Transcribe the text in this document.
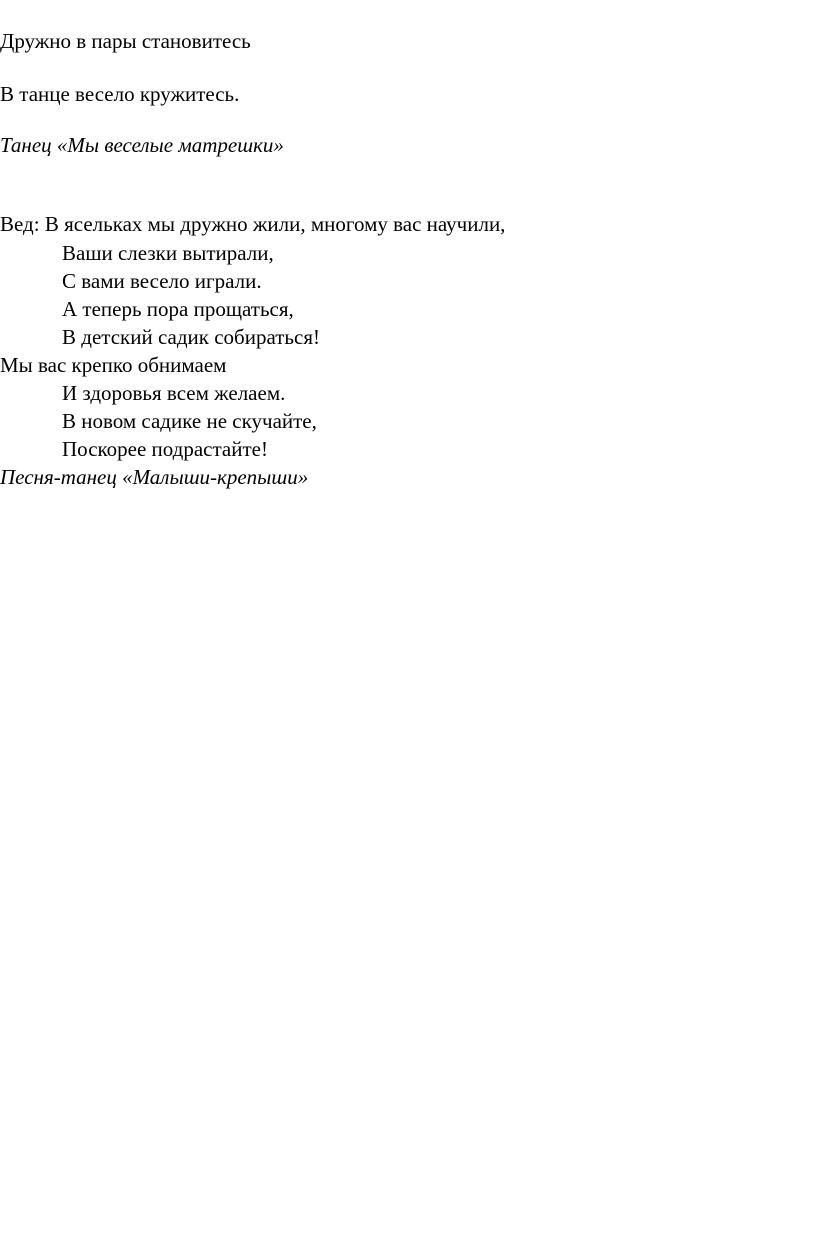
Дружно в пары становитесь

В танце весело кружитесь.

Танец «Мы веселые матрешки»

Вед: В ясельках мы дружно жили, многому вас научили,

Ваши слезки вытирали,

С вами весело играли.

А теперь пора прощаться,

В детский садик собираться!

Мы вас крепко обнимаем

И здоровья всем желаем.

В новом садике не скучайте,

Поскорее подрастайте!

Песня-танец «Малыши-крепыши»
